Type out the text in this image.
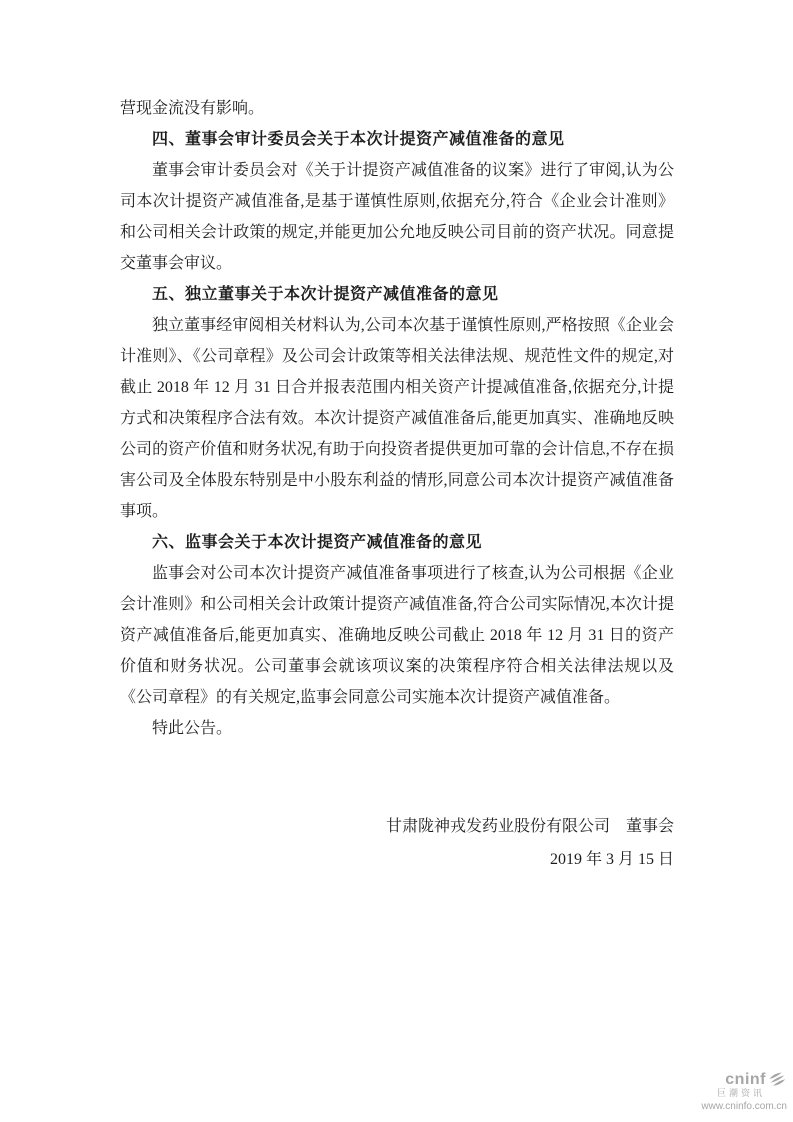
营现金流没有影响。

四、董事会审计委员会关于本次计提资产减值准备的意见

董事会审计委员会对《关于计提资产减值准备的议案》进行了审阅,认为公司本次计提资产减值准备,是基于谨慎性原则,依据充分,符合《企业会计准则》和公司相关会计政策的规定,并能更加公允地反映公司目前的资产状况。同意提交董事会审议。

五、独立董事关于本次计提资产减值准备的意见

独立董事经审阅相关材料认为,公司本次基于谨慎性原则,严格按照《企业会计准则》、《公司章程》及公司会计政策等相关法律法规、规范性文件的规定,对截止 2018 年 12 月 31 日合并报表范围内相关资产计提减值准备,依据充分,计提方式和决策程序合法有效。本次计提资产减值准备后,能更加真实、准确地反映公司的资产价值和财务状况,有助于向投资者提供更加可靠的会计信息,不存在损害公司及全体股东特别是中小股东利益的情形,同意公司本次计提资产减值准备事项。

六、监事会关于本次计提资产减值准备的意见

监事会对公司本次计提资产减值准备事项进行了核查,认为公司根据《企业会计准则》和公司相关会计政策计提资产减值准备,符合公司实际情况,本次计提资产减值准备后,能更加真实、准确地反映公司截止 2018 年 12 月 31 日的资产价值和财务状况。公司董事会就该项议案的决策程序符合相关法律法规以及《公司章程》的有关规定,监事会同意公司实施本次计提资产减值准备。

特此公告。

甘肃陇神戎发药业股份有限公司　董事会

2019 年 3 月 15 日

cninf
巨潮资讯
www.cninfo.com.cn
